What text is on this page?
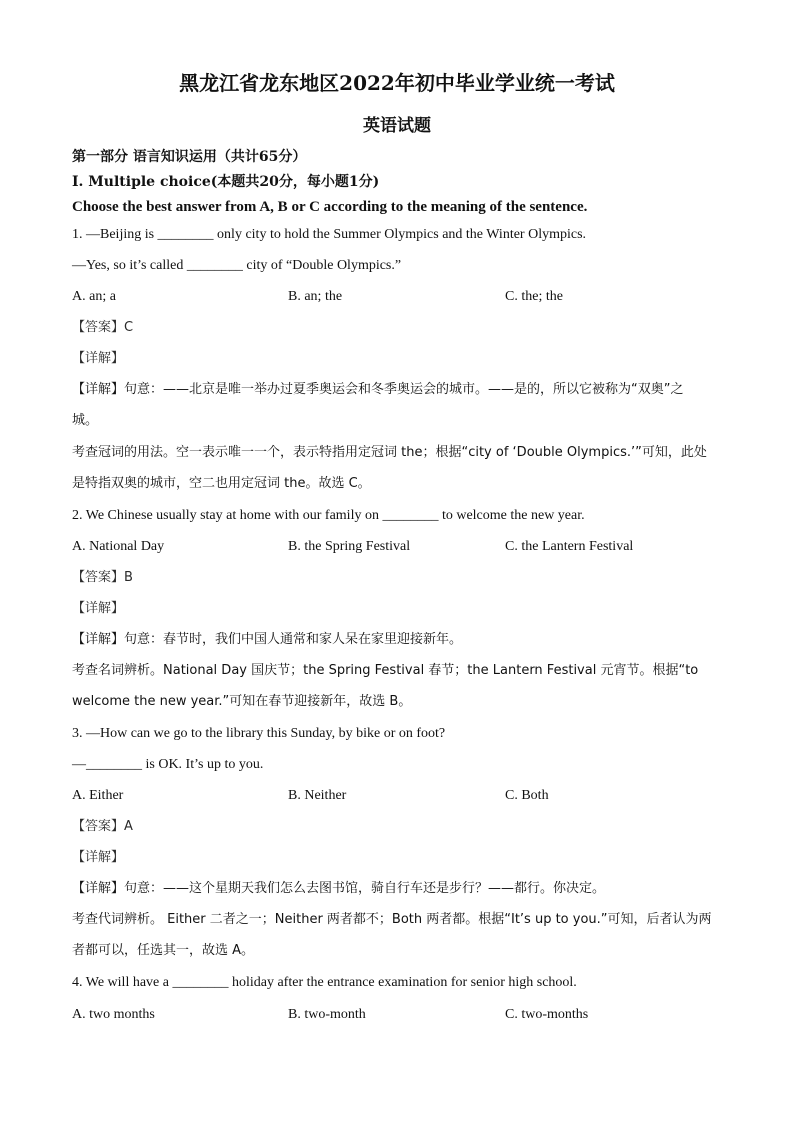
黑龙江省龙东地区2022年初中毕业学业统一考试
英语试题
第一部分 语言知识运用（共计65分）
Ⅰ. Multiple choice(本题共20分，每小题1分)
Choose the best answer from A, B or C according to the meaning of the sentence.
1. —Beijing is ________ only city to hold the Summer Olympics and the Winter Olympics.
—Yes, so it’s called ________ city of “Double Olympics.”
A. an; a	B. an; the	C. the; the
【答案】C
【详解】
【详解】句意：——北京是唯一举办过夏季奥运会和冬季奥运会的城市。——是的，所以它被称为“双奥”之
城。
考查冠词的用法。空一表示唯一一个，表示特指用定冠词 the；根据“city of ‘Double Olympics.’”可知，此处
是特指双奥的城市，空二也用定冠词 the。故选 C。
2. We Chinese usually stay at home with our family on ________ to welcome the new year.
A. National Day	B. the Spring Festival	C. the Lantern Festival
【答案】B
【详解】
【详解】句意：春节时，我们中国人通常和家人呆在家里迎接新年。
考查名词辨析。National Day 国庆节；the Spring Festival 春节；the Lantern Festival 元宵节。根据“to
welcome the new year.”可知在春节迎接新年，故选 B。
3. —How can we go to the library this Sunday, by bike or on foot?
—________ is OK. It’s up to you.
A. Either	B. Neither	C. Both
【答案】A
【详解】
【详解】句意：——这个星期天我们怎么去图书馆，骑自行车还是步行？——都行。你决定。
考查代词辨析。 Either 二者之一；Neither 两者都不；Both 两者都。根据“It’s up to you.”可知，后者认为两
者都可以，任选其一，故选 A。
4. We will have a ________ holiday after the entrance examination for senior high school.
A. two months	B. two-month	C. two-months
